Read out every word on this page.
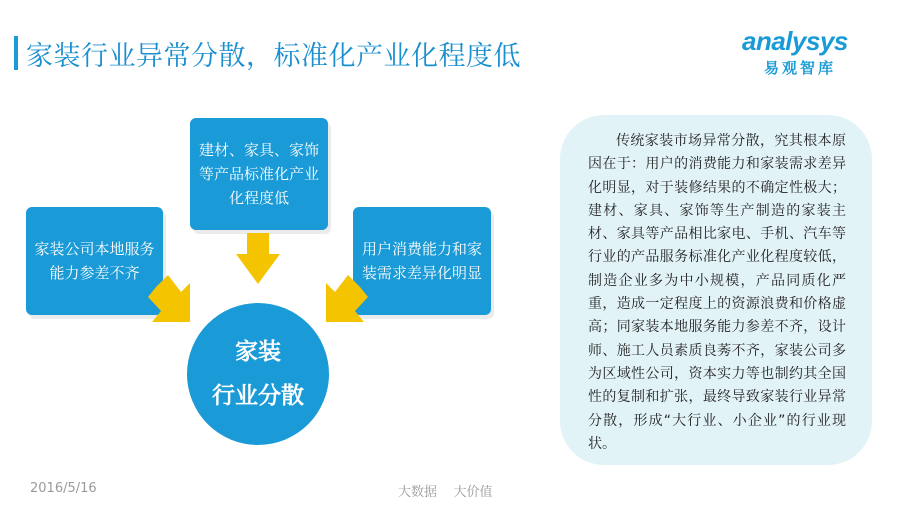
家装行业异常分散，标准化产业化程度低	analysys
易观智库
家装公司本地服务能力参差不齐
建材、家具、家饰等产品标准化产业化程度低
用户消费能力和家装需求差异化明显
家装
行业分散

传统家装市场异常分散，究其根本原因在于：用户的消费能力和家装需求差异化明显，对于装修结果的不确定性极大；建材、家具、家饰等生产制造的家装主材、家具等产品相比家电、手机、汽车等行业的产品服务标准化产业化程度较低，制造企业多为中小规模，产品同质化严重，造成一定程度上的资源浪费和价格虚高；同家装本地服务能力参差不齐，设计师、施工人员素质良莠不齐，家装公司多为区域性公司，资本实力等也制约其全国性的复制和扩张，最终导致家装行业异常分散，形成“大行业、小企业”的行业现状。

2016/5/16	大数据    大价值
